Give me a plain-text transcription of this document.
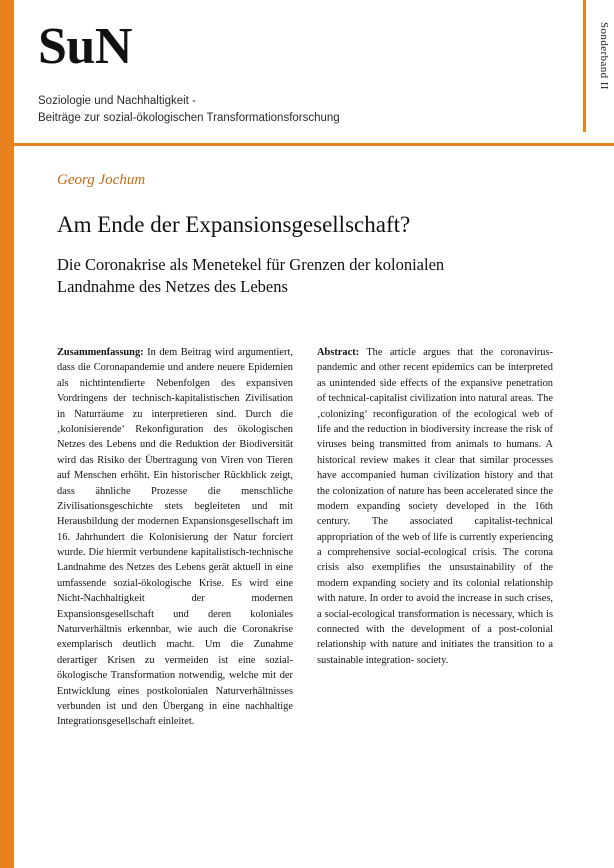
Sonderband II
SuN
Soziologie und Nachhaltigkeit -
Beiträge zur sozial-ökologischen Transformationsforschung
Georg Jochum
Am Ende der Expansionsgesellschaft?
Die Coronakrise als Menetekel für Grenzen der kolonialen
Landnahme des Netzes des Lebens

Zusammenfassung: In dem Beitrag wird argumentiert, dass die Coronapandemie und andere neuere Epidemien als nichtintendierte Nebenfolgen des expansiven Vordringens der technisch-kapitalistischen Zivilisation in Naturräume zu interpretieren sind. Durch die ‚kolonisierende‘ Rekonfiguration des ökologischen Netzes des Lebens und die Reduktion der Biodiversität wird das Risiko der Übertragung von Viren von Tieren auf Menschen erhöht. Ein historischer Rückblick zeigt, dass ähnliche Prozesse die menschliche Zivilisationsgeschichte stets begleiteten und mit Herausbildung der modernen Expansionsgesellschaft im 16. Jahrhundert die Kolonisierung der Natur forciert wurde. Die hiermit verbundene kapitalistisch-technische Landnahme des Netzes des Lebens gerät aktuell in eine umfassende sozial-ökologische Krise. Es wird eine Nicht-Nachhaltigkeit der modernen Expansionsgesellschaft und deren koloniales Naturverhältnis erkennbar, wie auch die Coronakrise exemplarisch deutlich macht. Um die Zunahme derartiger Krisen zu vermeiden ist eine sozial-ökologische Transformation notwendig, welche mit der Entwicklung eines postkolonialen Naturverhältnisses verbunden ist und den Übergang in eine nachhaltige Integrationsgesellschaft einleitet.

Abstract: The article argues that the coronavirus-pandemic and other recent epidemics can be interpreted as unintended side effects of the expansive penetration of technical-capitalist civilization into natural areas. The ‚colonizing‘ reconfiguration of the ecological web of life and the reduction in biodiversity increase the risk of viruses being transmitted from animals to humans. A historical review makes it clear that similar processes have accompanied human civilization history and that the colonization of nature has been accelerated since the modern expanding society developed in the 16th century. The associated capitalist-technical appropriation of the web of life is currently experiencing a comprehensive social-ecological crisis. The corona crisis also exemplifies the unsustainability of the modern expanding society and its colonial relationship with nature. In order to avoid the increase in such crises, a social-ecological transformation is necessary, which is connected with the development of a post-colonial relationship with nature and initiates the transition to a sustainable integration- society.
